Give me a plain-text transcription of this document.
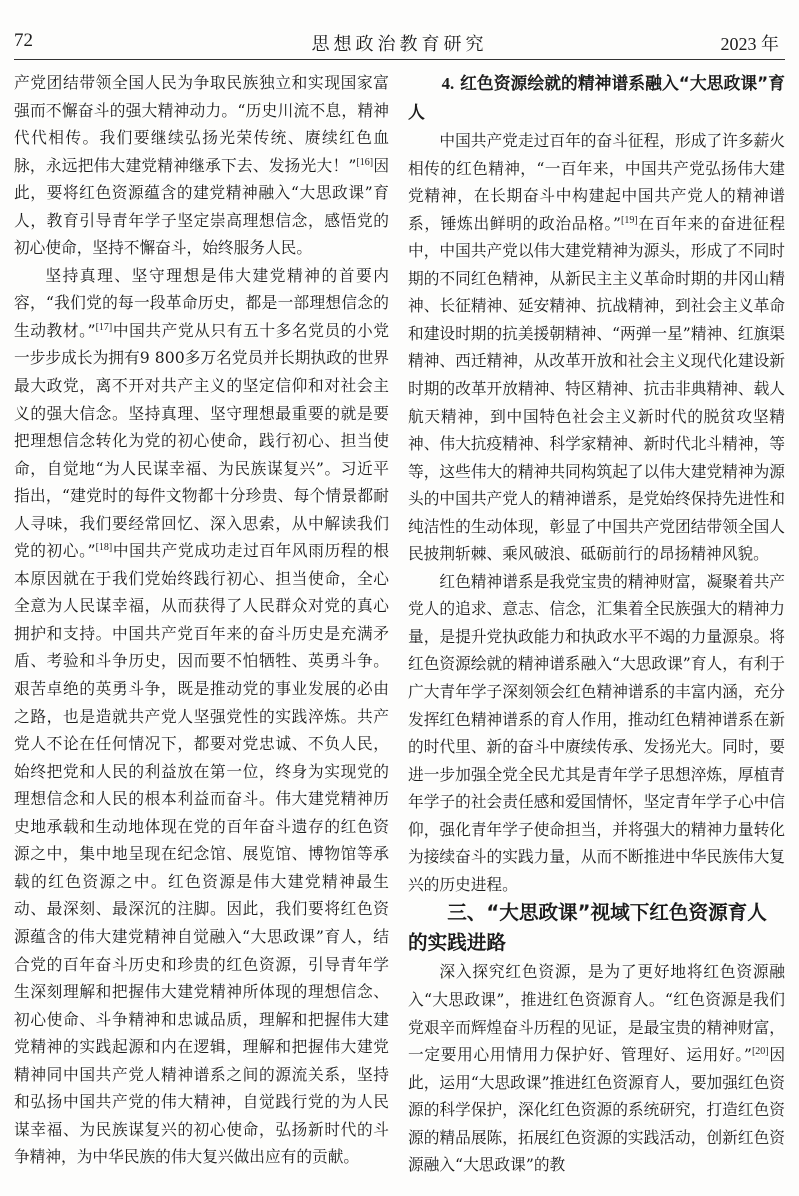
72	思想政治教育研究	2023 年

产党团结带领全国人民为争取民族独立和实现国家富强而不懈奋斗的强大精神动力。“历史川流不息，精神代代相传。我们要继续弘扬光荣传统、赓续红色血脉，永远把伟大建党精神继承下去、发扬光大！”[16]因此，要将红色资源蕴含的建党精神融入“大思政课”育人，教育引导青年学子坚定崇高理想信念，感悟党的初心使命，坚持不懈奋斗，始终服务人民。

坚持真理、坚守理想是伟大建党精神的首要内容，“我们党的每一段革命历史，都是一部理想信念的生动教材。”[17]中国共产党从只有五十多名党员的小党一步步成长为拥有9 800多万名党员并长期执政的世界最大政党，离不开对共产主义的坚定信仰和对社会主义的强大信念。坚持真理、坚守理想最重要的就是要把理想信念转化为党的初心使命，践行初心、担当使命，自觉地“为人民谋幸福、为民族谋复兴”。习近平指出，“建党时的每件文物都十分珍贵、每个情景都耐人寻味，我们要经常回忆、深入思索，从中解读我们党的初心。”[18]中国共产党成功走过百年风雨历程的根本原因就在于我们党始终践行初心、担当使命，全心全意为人民谋幸福，从而获得了人民群众对党的真心拥护和支持。中国共产党百年来的奋斗历史是充满矛盾、考验和斗争历史，因而要不怕牺牲、英勇斗争。艰苦卓绝的英勇斗争，既是推动党的事业发展的必由之路，也是造就共产党人坚强党性的实践淬炼。共产党人不论在任何情况下，都要对党忠诚、不负人民，始终把党和人民的利益放在第一位，终身为实现党的理想信念和人民的根本利益而奋斗。伟大建党精神历史地承载和生动地体现在党的百年奋斗遗存的红色资源之中，集中地呈现在纪念馆、展览馆、博物馆等承载的红色资源之中。红色资源是伟大建党精神最生动、最深刻、最深沉的注脚。因此，我们要将红色资源蕴含的伟大建党精神自觉融入“大思政课”育人，结合党的百年奋斗历史和珍贵的红色资源，引导青年学生深刻理解和把握伟大建党精神所体现的理想信念、初心使命、斗争精神和忠诚品质，理解和把握伟大建党精神的实践起源和内在逻辑，理解和把握伟大建党精神同中国共产党人精神谱系之间的源流关系，坚持和弘扬中国共产党的伟大精神，自觉践行党的为人民谋幸福、为民族谋复兴的初心使命，弘扬新时代的斗争精神，为中华民族的伟大复兴做出应有的贡献。

4. 红色资源绘就的精神谱系融入“大思政课”育人

中国共产党走过百年的奋斗征程，形成了许多薪火相传的红色精神，“一百年来，中国共产党弘扬伟大建党精神，在长期奋斗中构建起中国共产党人的精神谱系，锤炼出鲜明的政治品格。”[19]在百年来的奋进征程中，中国共产党以伟大建党精神为源头，形成了不同时期的不同红色精神，从新民主主义革命时期的井冈山精神、长征精神、延安精神、抗战精神，到社会主义革命和建设时期的抗美援朝精神、“两弹一星”精神、红旗渠精神、西迁精神，从改革开放和社会主义现代化建设新时期的改革开放精神、特区精神、抗击非典精神、载人航天精神，到中国特色社会主义新时代的脱贫攻坚精神、伟大抗疫精神、科学家精神、新时代北斗精神，等等，这些伟大的精神共同构筑起了以伟大建党精神为源头的中国共产党人的精神谱系，是党始终保持先进性和纯洁性的生动体现，彰显了中国共产党团结带领全国人民披荆斩棘、乘风破浪、砥砺前行的昂扬精神风貌。

红色精神谱系是我党宝贵的精神财富，凝聚着共产党人的追求、意志、信念，汇集着全民族强大的精神力量，是提升党执政能力和执政水平不竭的力量源泉。将红色资源绘就的精神谱系融入“大思政课”育人，有利于广大青年学子深刻领会红色精神谱系的丰富内涵，充分发挥红色精神谱系的育人作用，推动红色精神谱系在新的时代里、新的奋斗中赓续传承、发扬光大。同时，要进一步加强全党全民尤其是青年学子思想淬炼，厚植青年学子的社会责任感和爱国情怀，坚定青年学子心中信仰，强化青年学子使命担当，并将强大的精神力量转化为接续奋斗的实践力量，从而不断推进中华民族伟大复兴的历史进程。

三、“大思政课”视域下红色资源育人的实践进路

深入探究红色资源，是为了更好地将红色资源融入“大思政课”，推进红色资源育人。“红色资源是我们党艰辛而辉煌奋斗历程的见证，是最宝贵的精神财富，一定要用心用情用力保护好、管理好、运用好。”[20]因此，运用“大思政课”推进红色资源育人，要加强红色资源的科学保护，深化红色资源的系统研究，打造红色资源的精品展陈，拓展红色资源的实践活动，创新红色资源融入“大思政课”的教
